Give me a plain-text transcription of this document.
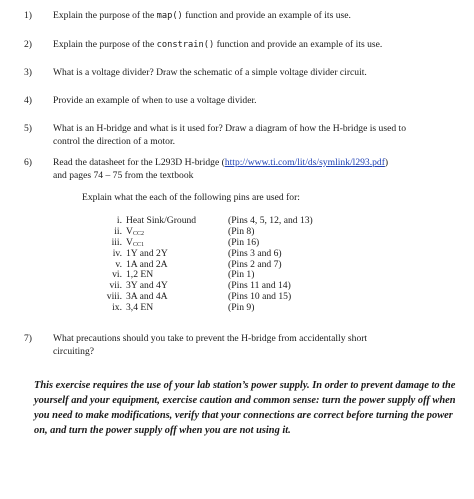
1) Explain the purpose of the map() function and provide an example of its use.
2) Explain the purpose of the constrain() function and provide an example of its use.
3) What is a voltage divider? Draw the schematic of a simple voltage divider circuit.
4) Provide an example of when to use a voltage divider.
5) What is an H-bridge and what is it used for? Draw a diagram of how the H-bridge is used to
control the direction of a motor.
6) Read the datasheet for the L293D H-bridge (http://www.ti.com/lit/ds/symlink/l293.pdf)
and pages 74 – 75 from the textbook
Explain what the each of the following pins are used for:
i. Heat Sink/Ground	(Pins 4, 5, 12, and 13)
ii. $V_{CC2}$	(Pin 8)
iii. $V_{CC1}$	(Pin 16)
iv. 1Y and 2Y	(Pins 3 and 6)
v. 1A and 2A	(Pins 2 and 7)
vi. 1,2 EN	(Pin 1)
vii. 3Y and 4Y	(Pins 11 and 14)
viii. 3A and 4A	(Pins 10 and 15)
ix. 3,4 EN	(Pin 9)
7) What precautions should you take to prevent the H-bridge from accidentally short
circuiting?
This exercise requires the use of your lab station’s power supply. In order to prevent damage to the yourself and your equipment, exercise caution and common sense: turn the power supply off when you need to make modifications, verify that your connections are correct before turning the power on, and turn the power supply off when you are not using it.
